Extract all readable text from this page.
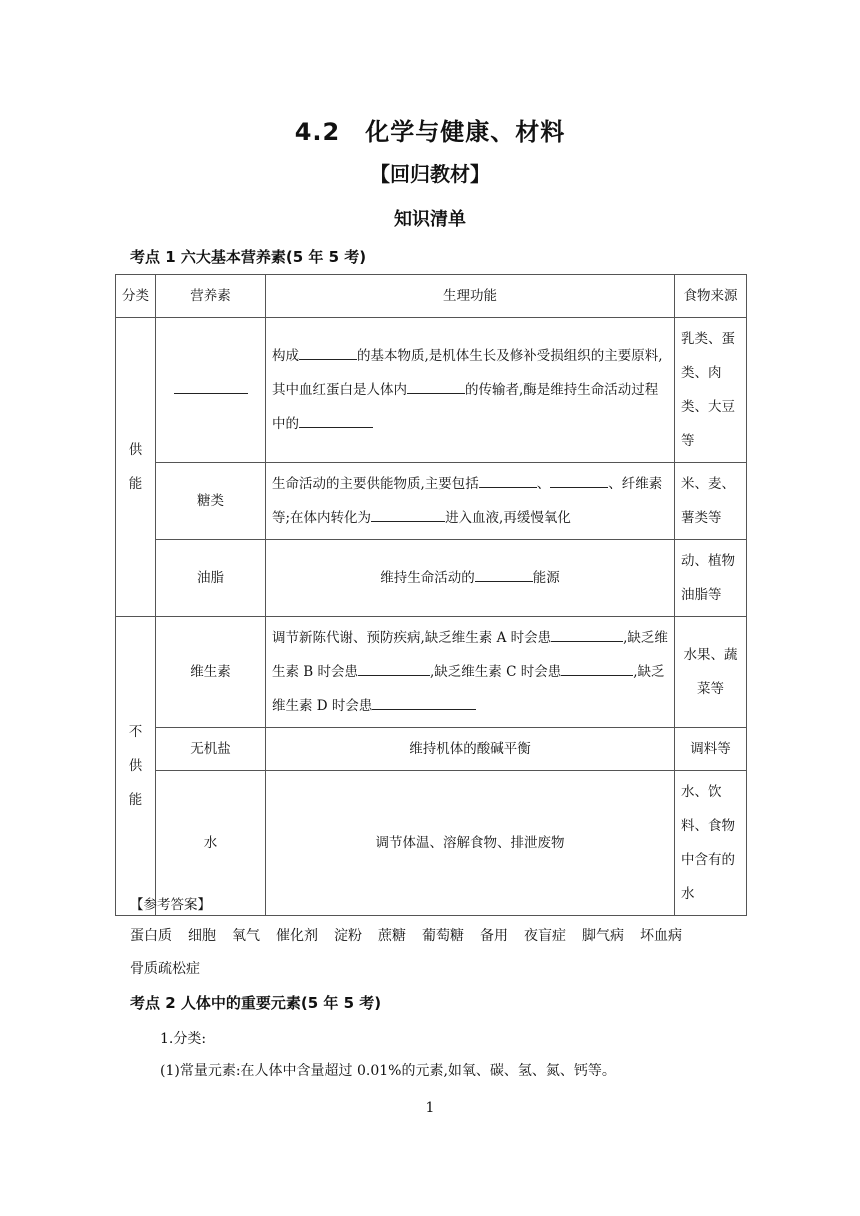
4.2　化学与健康、材料
【回归教材】
知识清单
考点 1 六大基本营养素(5 年 5 考)
分类	营养素	生理功能	食物来源
供
能		构成 的基本物质,是机体生长及修补受损组织的主要原料,其中血红蛋白是人体内 的传输者,酶是维持生命活动过程中的	乳类、蛋类、肉类、大豆等
	糖类	生命活动的主要供能物质,主要包括 、 、纤维素等;在体内转化为 进入血液,再缓慢氧化	米、麦、薯类等
	油脂	维持生命活动的 能源	动、植物油脂等
不
供
能	维生素	调节新陈代谢、预防疾病,缺乏维生素 A 时会患 ,缺乏维生素 B 时会患 ,缺乏维生素 C 时会患 ,缺乏维生素 D 时会患	水果、蔬菜等
	无机盐	维持机体的酸碱平衡	调料等
	水	调节体温、溶解食物、排泄废物	水、饮料、食物中含有的水
【参考答案】
蛋白质 细胞 氧气 催化剂 淀粉 蔗糖 葡萄糖 备用 夜盲症 脚气病 坏血病
骨质疏松症
考点 2 人体中的重要元素(5 年 5 考)
1.分类:
(1)常量元素:在人体中含量超过 0.01%的元素,如氧、碳、氢、氮、钙等。
1
